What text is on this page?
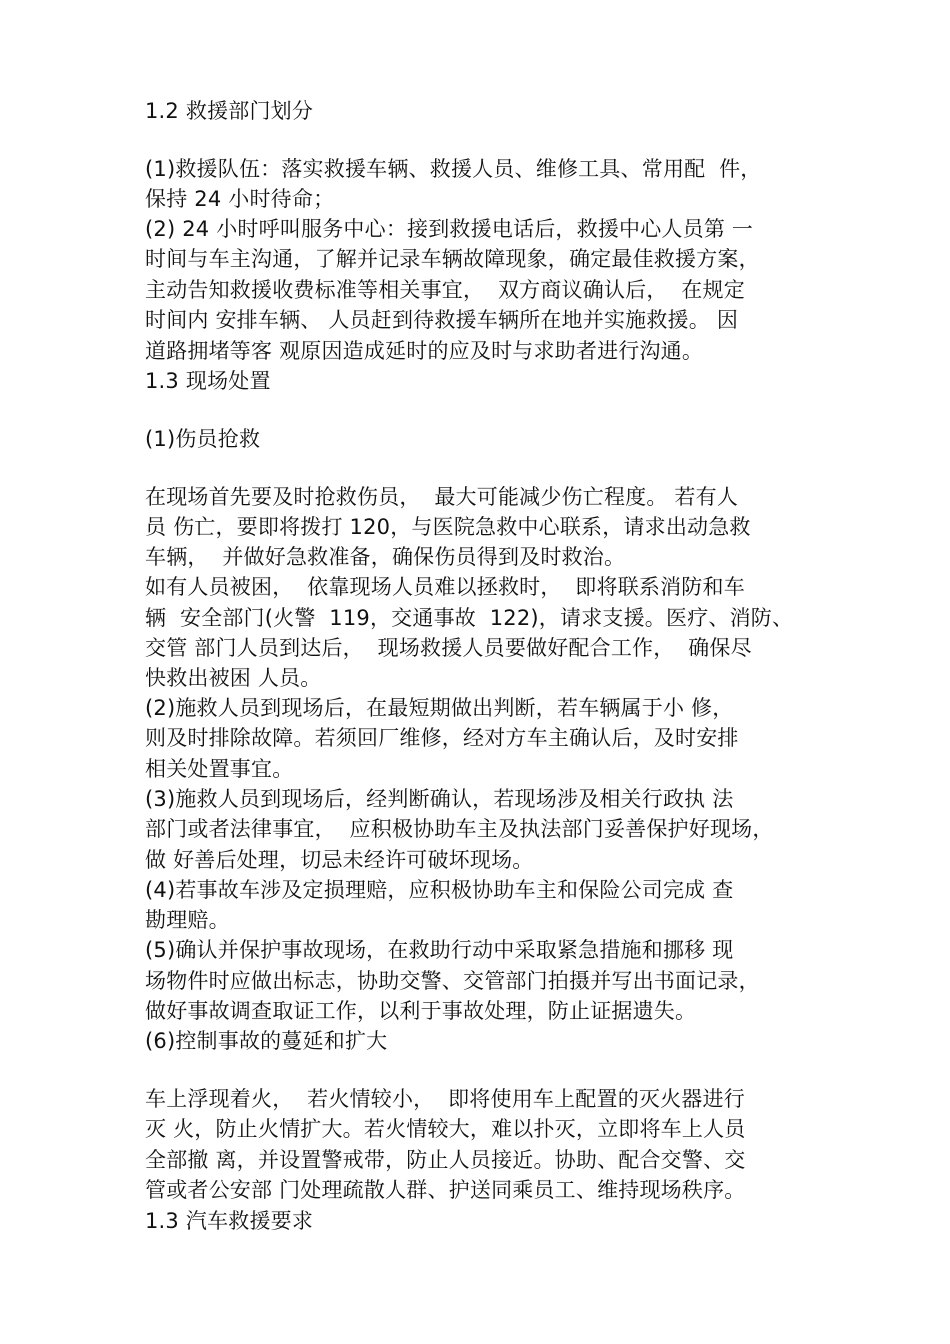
1.2 救援部门划分
(1)救援队伍：落实救援车辆、救援人员、维修工具、常用配  件，
保持 24 小时待命；
(2) 24 小时呼叫服务中心：接到救援电话后，救援中心人员第 一
时间与车主沟通，了解并记录车辆故障现象，确定最佳救援方案，
主动告知救援收费标准等相关事宜，  双方商议确认后，  在规定
时间内 安排车辆、 人员赶到待救援车辆所在地并实施救援。 因
道路拥堵等客 观原因造成延时的应及时与求助者进行沟通。
1.3 现场处置
(1)伤员抢救
在现场首先要及时抢救伤员，  最大可能减少伤亡程度。 若有人
员 伤亡，要即将拨打 120，与医院急救中心联系，请求出动急救
车辆，  并做好急救准备，确保伤员得到及时救治。
如有人员被困，  依靠现场人员难以拯救时，  即将联系消防和车
辆  安全部门(火警  119，交通事故  122)，请求支援。医疗、消防、
交管 部门人员到达后，  现场救援人员要做好配合工作，  确保尽
快救出被困 人员。
(2)施救人员到现场后，在最短期做出判断，若车辆属于小 修，
则及时排除故障。若须回厂维修，经对方车主确认后，及时安排
相关处置事宜。
(3)施救人员到现场后，经判断确认，若现场涉及相关行政执 法
部门或者法律事宜，  应积极协助车主及执法部门妥善保护好现场，
做 好善后处理，切忌未经许可破坏现场。
(4)若事故车涉及定损理赔，应积极协助车主和保险公司完成 查
勘理赔。
(5)确认并保护事故现场，在救助行动中采取紧急措施和挪移 现
场物件时应做出标志，协助交警、交管部门拍摄并写出书面记录，
做好事故调查取证工作，以利于事故处理，防止证据遗失。
(6)控制事故的蔓延和扩大
车上浮现着火，  若火情较小，  即将使用车上配置的灭火器进行
灭 火，防止火情扩大。若火情较大，难以扑灭，立即将车上人员
全部撤 离，并设置警戒带，防止人员接近。协助、配合交警、交
管或者公安部 门处理疏散人群、护送同乘员工、维持现场秩序。
1.3 汽车救援要求
